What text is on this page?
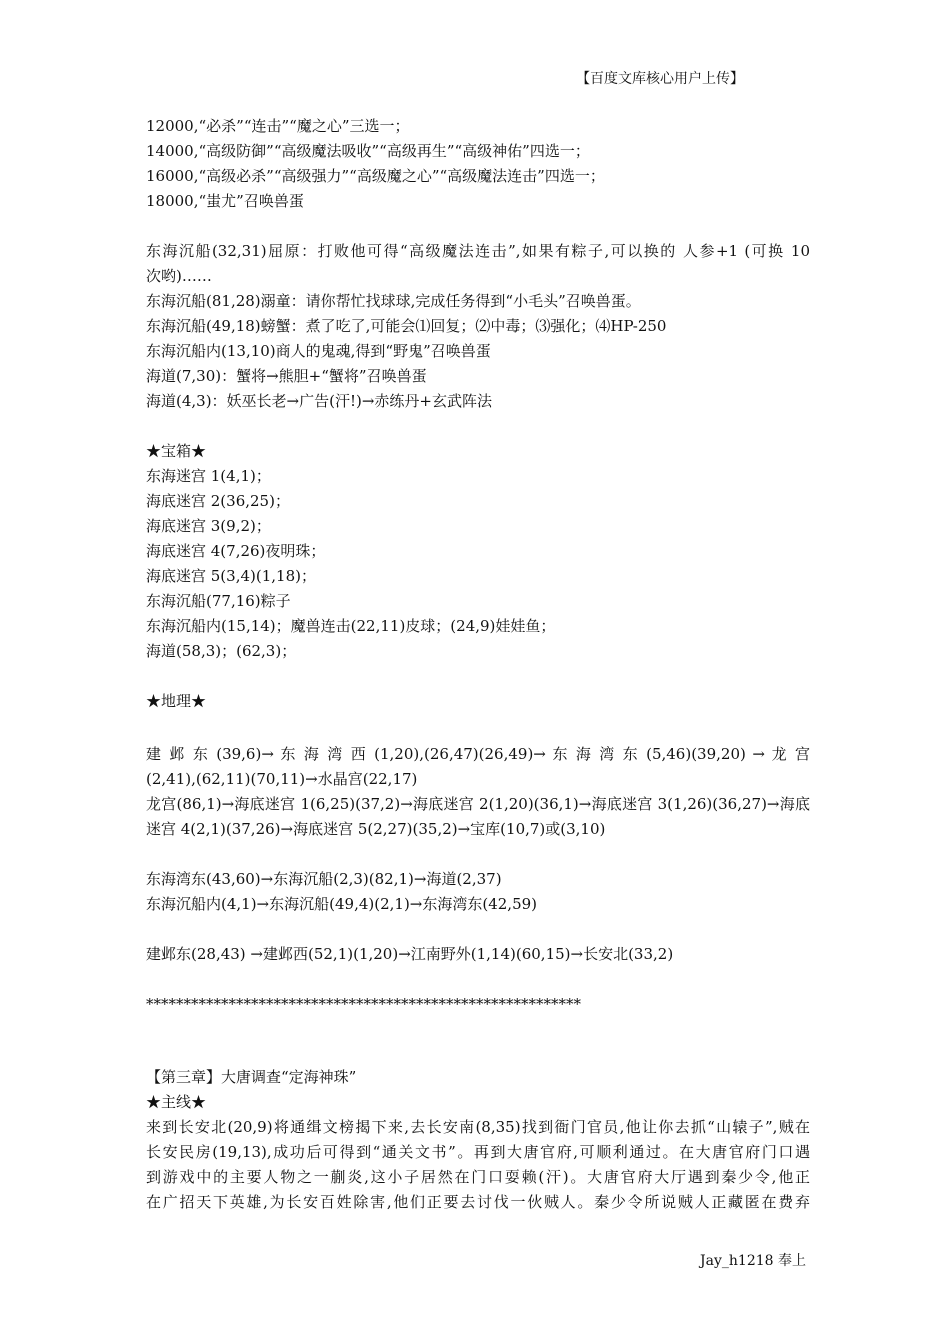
【百度文库核心用户上传】
12000,“必杀”“连击”“魔之心”三选一；
14000,“高级防御”“高级魔法吸收”“高级再生”“高级神佑”四选一；
16000,“高级必杀”“高级强力”“高级魔之心”“高级魔法连击”四选一；
18000,“蚩尤”召唤兽蛋
东海沉船(32,31)屈原：打败他可得“高级魔法连击”,如果有粽子,可以换的 人参+1 (可换 10
次哟)……
东海沉船(81,28)溺童：请你帮忙找球球,完成任务得到“小毛头”召唤兽蛋。
东海沉船(49,18)螃蟹：煮了吃了,可能会⑴回复；⑵中毒；⑶强化；⑷HP-250
东海沉船内(13,10)商人的鬼魂,得到“野鬼”召唤兽蛋
海道(7,30)：蟹将→熊胆+“蟹将”召唤兽蛋
海道(4,3)：妖巫长老→广告(汗!)→赤练丹+玄武阵法
★宝箱★
东海迷宫 1(4,1)；
海底迷宫 2(36,25)；
海底迷宫 3(9,2)；
海底迷宫 4(7,26)夜明珠；
海底迷宫 5(3,4)(1,18)；
东海沉船(77,16)粽子
东海沉船内(15,14)；魔兽连击(22,11)皮球；(24,9)娃娃鱼；
海道(58,3)；(62,3)；
★地理★
建 邺 东 (39,6)→ 东 海 湾 西 (1,20),(26,47)(26,49)→ 东 海 湾 东 (5,46)(39,20) → 龙 宫
(2,41),(62,11)(70,11)→水晶宫(22,17)
龙宫(86,1)→海底迷宫 1(6,25)(37,2)→海底迷宫 2(1,20)(36,1)→海底迷宫 3(1,26)(36,27)→海底
迷宫 4(2,1)(37,26)→海底迷宫 5(2,27)(35,2)→宝库(10,7)或(3,10)
东海湾东(43,60)→东海沉船(2,3)(82,1)→海道(2,37)
东海沉船内(4,1)→东海沉船(49,4)(2,1)→东海湾东(42,59)
建邺东(28,43) →建邺西(52,1)(1,20)→江南野外(1,14)(60,15)→长安北(33,2)
**********************************************************
【第三章】大唐调查“定海神珠”
★主线★
来到长安北(20,9)将通缉文榜揭下来,去长安南(8,35)找到衙门官员,他让你去抓“山辕子”,贼在
长安民房(19,13),成功后可得到“通关文书”。再到大唐官府,可顺利通过。在大唐官府门口遇
到游戏中的主要人物之一蒯炎,这小子居然在门口耍赖(汗)。大唐官府大厅遇到秦少令,他正
在广招天下英雄,为长安百姓除害,他们正要去讨伐一伙贼人。秦少令所说贼人正藏匿在费弃
Jay_h1218 奉上
